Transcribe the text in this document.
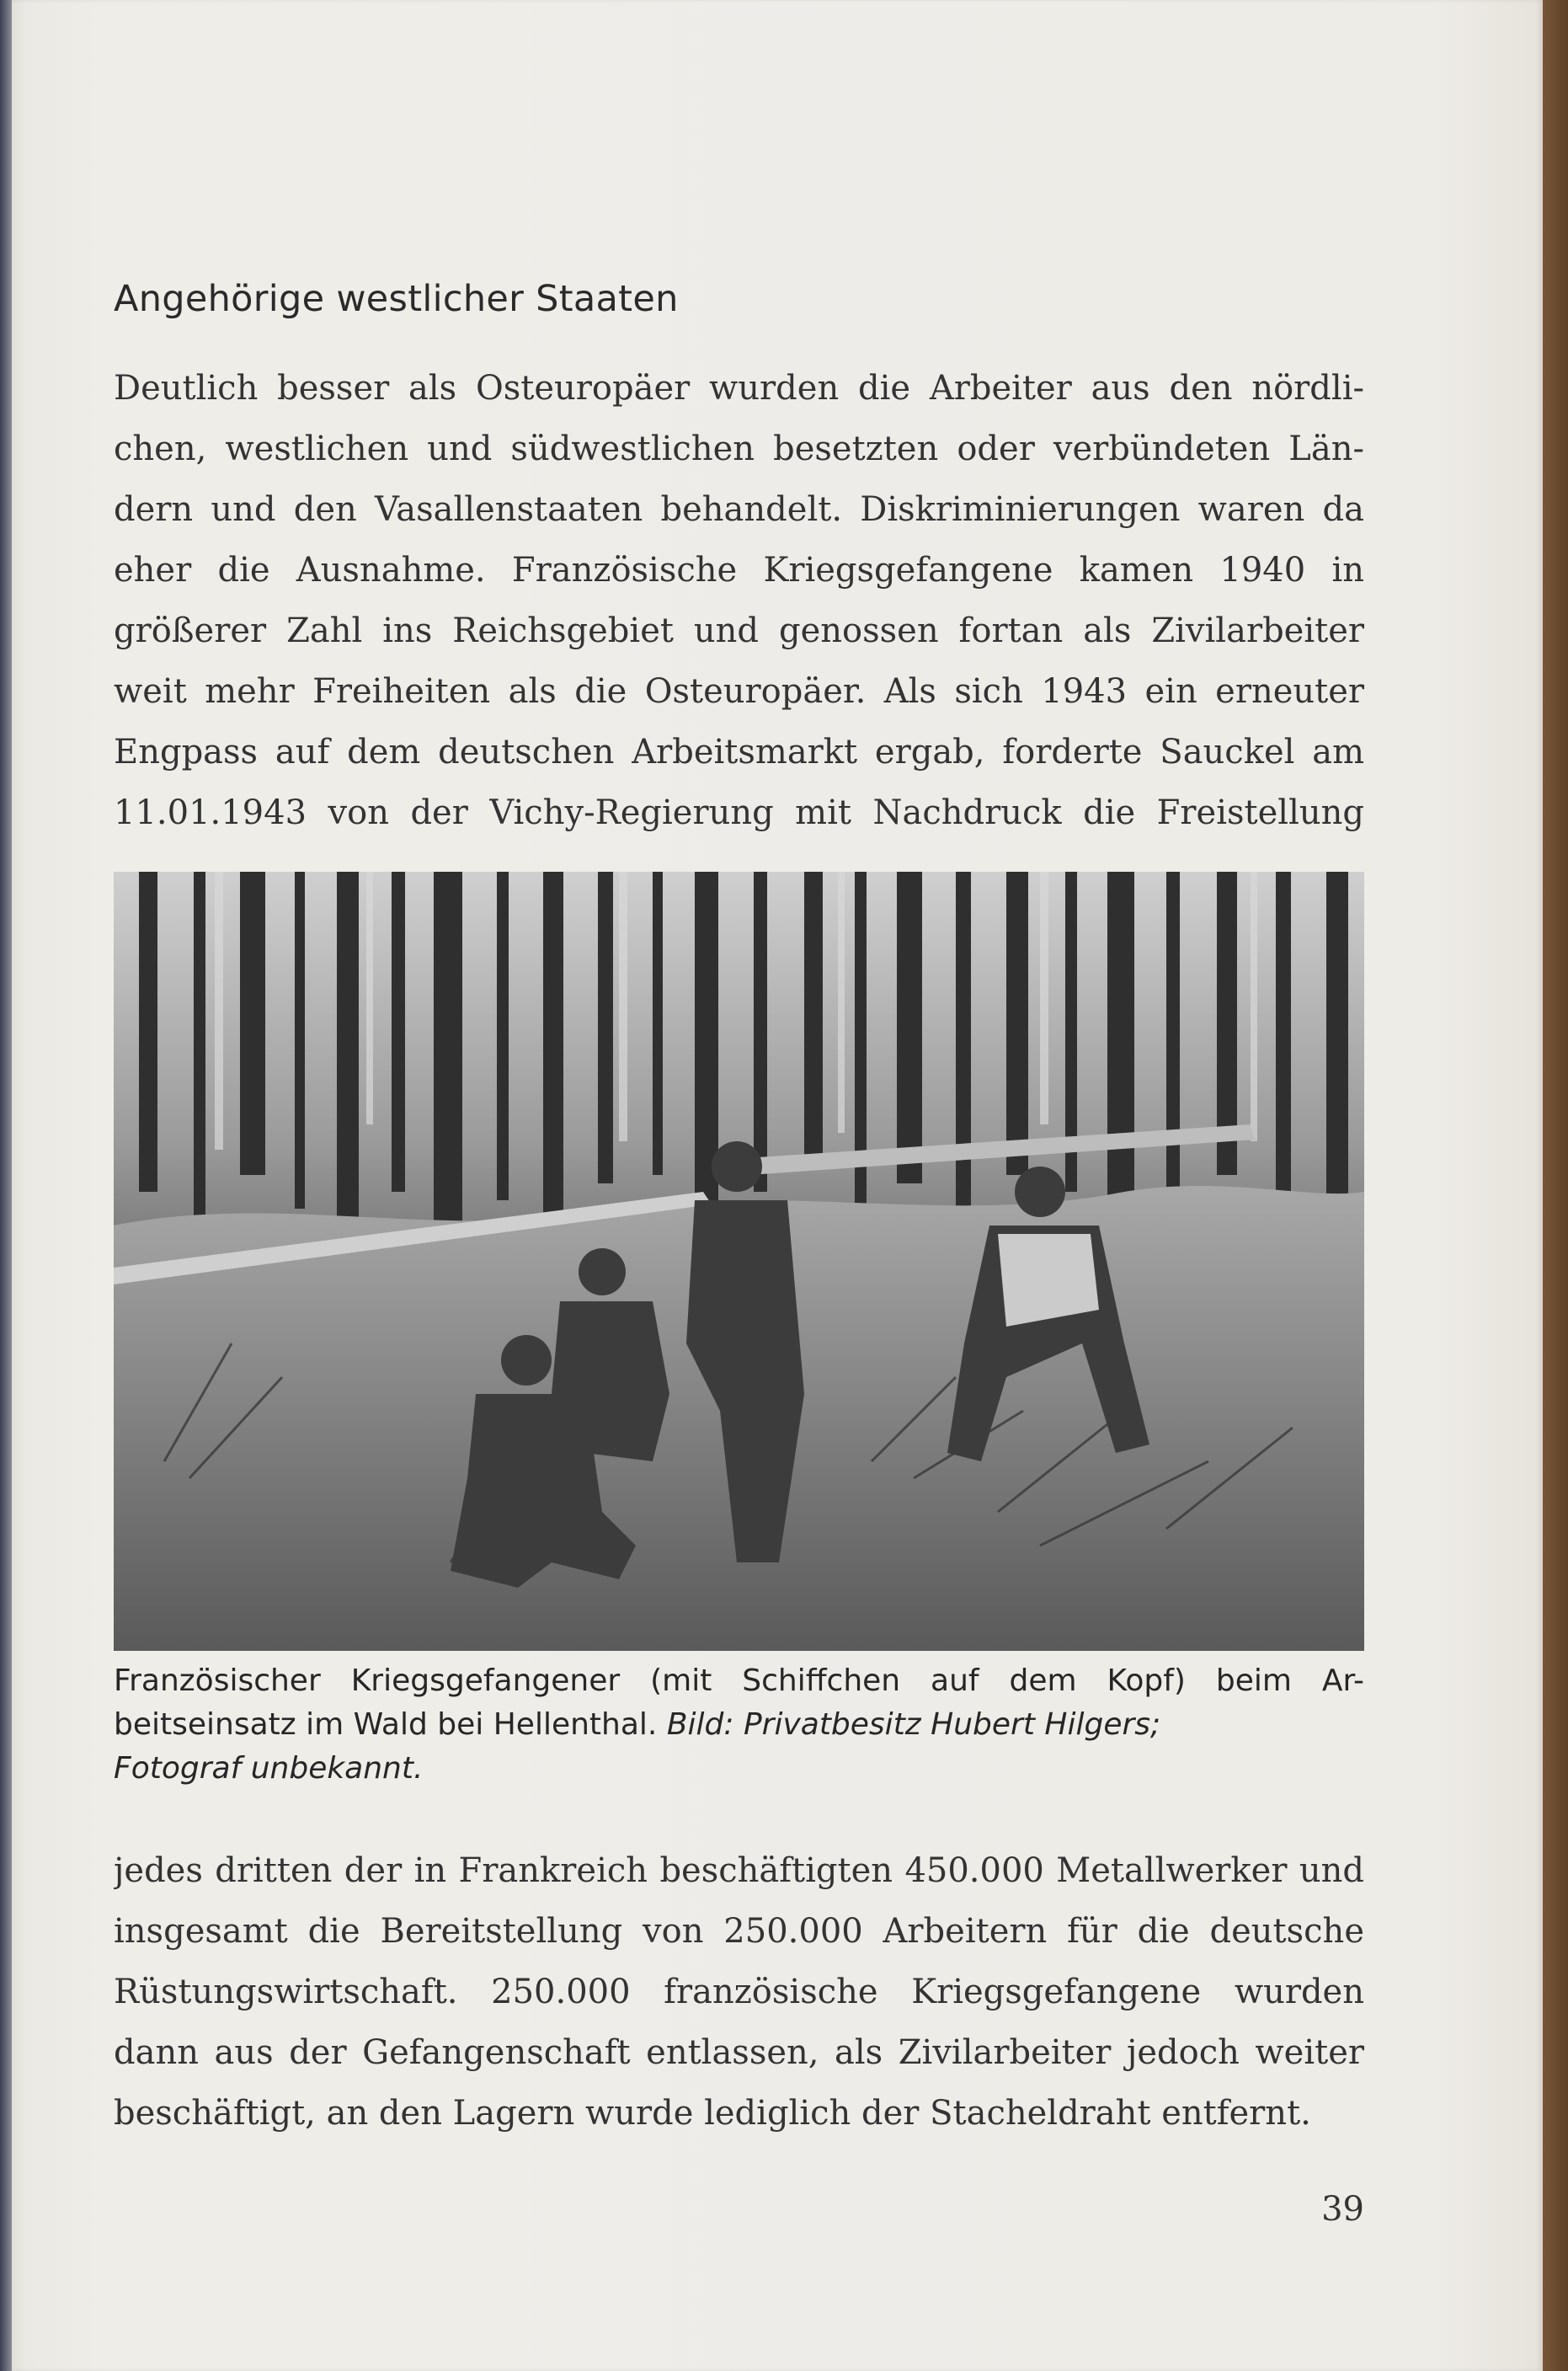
Angehörige westlicher Staaten

Deutlich besser als Osteuropäer wurden die Arbeiter aus den nördli-
chen, westlichen und südwestlichen besetzten oder verbündeten Län-
dern und den Vasallenstaaten behandelt. Diskriminierungen waren da
eher die Ausnahme. Französische Kriegsgefangene kamen 1940 in
größerer Zahl ins Reichsgebiet und genossen fortan als Zivilarbeiter
weit mehr Freiheiten als die Osteuropäer. Als sich 1943 ein erneuter
Engpass auf dem deutschen Arbeitsmarkt ergab, forderte Sauckel am
11.01.1943 von der Vichy-Regierung mit Nachdruck die Freistellung

Französischer Kriegsgefangener (mit Schiffchen auf dem Kopf) beim Ar-
beitseinsatz im Wald bei Hellenthal. Bild: Privatbesitz Hubert Hilgers;
Fotograf unbekannt.

jedes dritten der in Frankreich beschäftigten 450.000 Metallwerker und
insgesamt die Bereitstellung von 250.000 Arbeitern für die deutsche
Rüstungswirtschaft. 250.000 französische Kriegsgefangene wurden
dann aus der Gefangenschaft entlassen, als Zivilarbeiter jedoch weiter
beschäftigt, an den Lagern wurde lediglich der Stacheldraht entfernt.

39
